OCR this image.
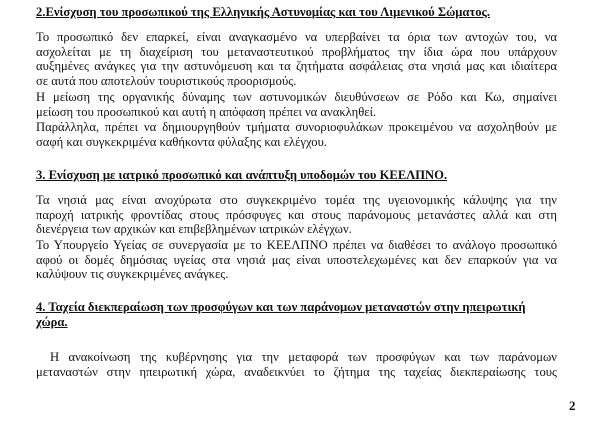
2.Ενίσχυση του προσωπικού της Ελληνικής Αστυνομίας και του Λιμενικού Σώματος.
Το προσωπικό δεν επαρκεί, είναι αναγκασμένο να υπερβαίνει τα όρια των αντοχών του, να
ασχολείται με τη διαχείριση του μεταναστευτικού προβλήματος την ίδια ώρα που υπάρχουν
αυξημένες ανάγκες για την αστυνόμευση και τα ζητήματα ασφάλειας στα νησιά μας και ιδιαίτερα
σε αυτά που αποτελούν τουριστικούς προορισμούς.
Η μείωση της οργανικής δύναμης των αστυνομικών διευθύνσεων σε Ρόδο και Κω, σημαίνει
μείωση του προσωπικού και αυτή η απόφαση πρέπει να ανακληθεί.
Παράλληλα, πρέπει να δημιουργηθούν τμήματα συνοριοφυλάκων προκειμένου να ασχοληθούν με
σαφή και συγκεκριμένα καθήκοντα φύλαξης και ελέγχου.
3. Ενίσχυση με ιατρικό προσωπικό και ανάπτυξη υποδομών του ΚΕΕΛΠΝΟ.
Τα νησιά μας είναι ανοχύρωτα στο συγκεκριμένο τομέα της υγειονομικής κάλυψης για την
παροχή ιατρικής φροντίδας στους πρόσφυγες και στους παράνομους μετανάστες αλλά και στη
διενέργεια των αρχικών και επιβεβλημένων ιατρικών ελέγχων.
Το Υπουργείο Υγείας σε συνεργασία με το ΚΕΕΛΠΝΟ πρέπει να διαθέσει το ανάλογο προσωπικό
αφού οι δομές δημόσιας υγείας στα νησιά μας είναι υποστελεχωμένες και δεν επαρκούν για να
καλύψουν τις συγκεκριμένες ανάγκες.
4. Ταχεία διεκπεραίωση των προσφύγων και των παράνομων μεταναστών στην ηπειρωτική
χώρα.
Η ανακοίνωση της κυβέρνησης για την μεταφορά των προσφύγων και των παράνομων
μεταναστών στην ηπειρωτική χώρα, αναδεικνύει το ζήτημα της ταχείας διεκπεραίωσης τους
2
